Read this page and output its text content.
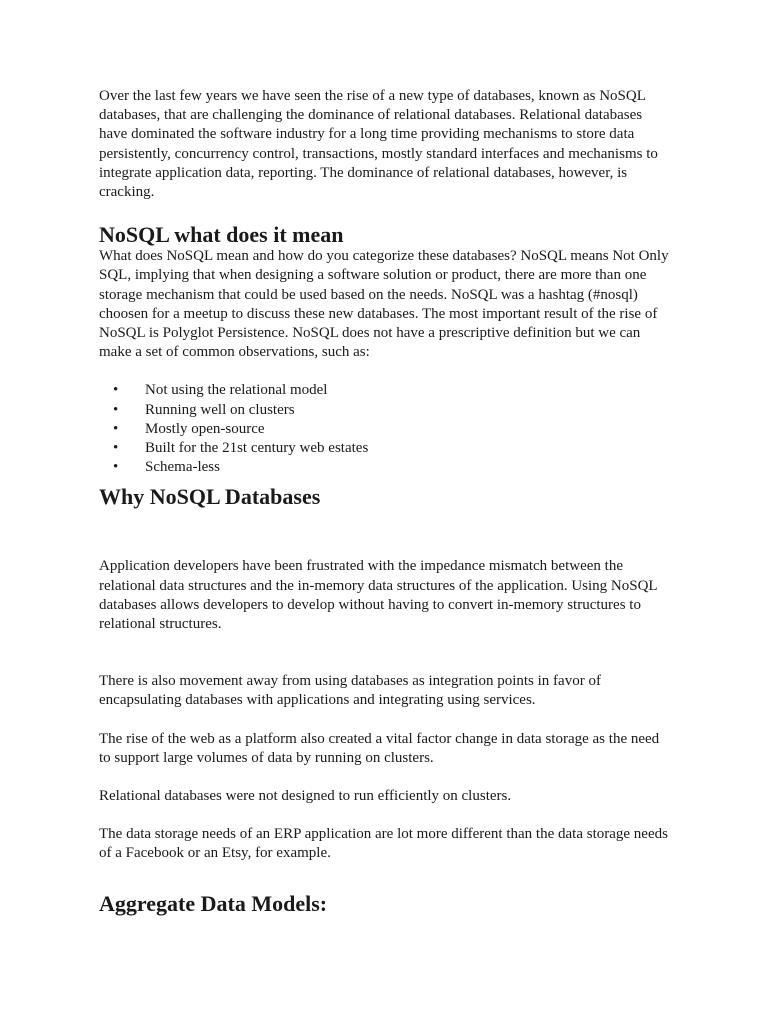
Over the last few years we have seen the rise of a new type of databases, known as NoSQL databases, that are challenging the dominance of relational databases. Relational databases have dominated the software industry for a long time providing mechanisms to store data persistently, concurrency control, transactions, mostly standard interfaces and mechanisms to integrate application data, reporting. The dominance of relational databases, however, is cracking.

NoSQL what does it mean

What does NoSQL mean and how do you categorize these databases? NoSQL means Not Only SQL, implying that when designing a software solution or product, there are more than one storage mechanism that could be used based on the needs. NoSQL was a hashtag (#nosql) choosen for a meetup to discuss these new databases. The most important result of the rise of NoSQL is Polyglot Persistence. NoSQL does not have a prescriptive definition but we can make a set of common observations, such as:

• Not using the relational model
• Running well on clusters
• Mostly open-source
• Built for the 21st century web estates
• Schema-less
Why NoSQL Databases

Application developers have been frustrated with the impedance mismatch between the relational data structures and the in-memory data structures of the application. Using NoSQL databases allows developers to develop without having to convert in-memory structures to relational structures.

There is also movement away from using databases as integration points in favor of encapsulating databases with applications and integrating using services.

The rise of the web as a platform also created a vital factor change in data storage as the need to support large volumes of data by running on clusters.

Relational databases were not designed to run efficiently on clusters.

The data storage needs of an ERP application are lot more different than the data storage needs of a Facebook or an Etsy, for example.

Aggregate Data Models:
